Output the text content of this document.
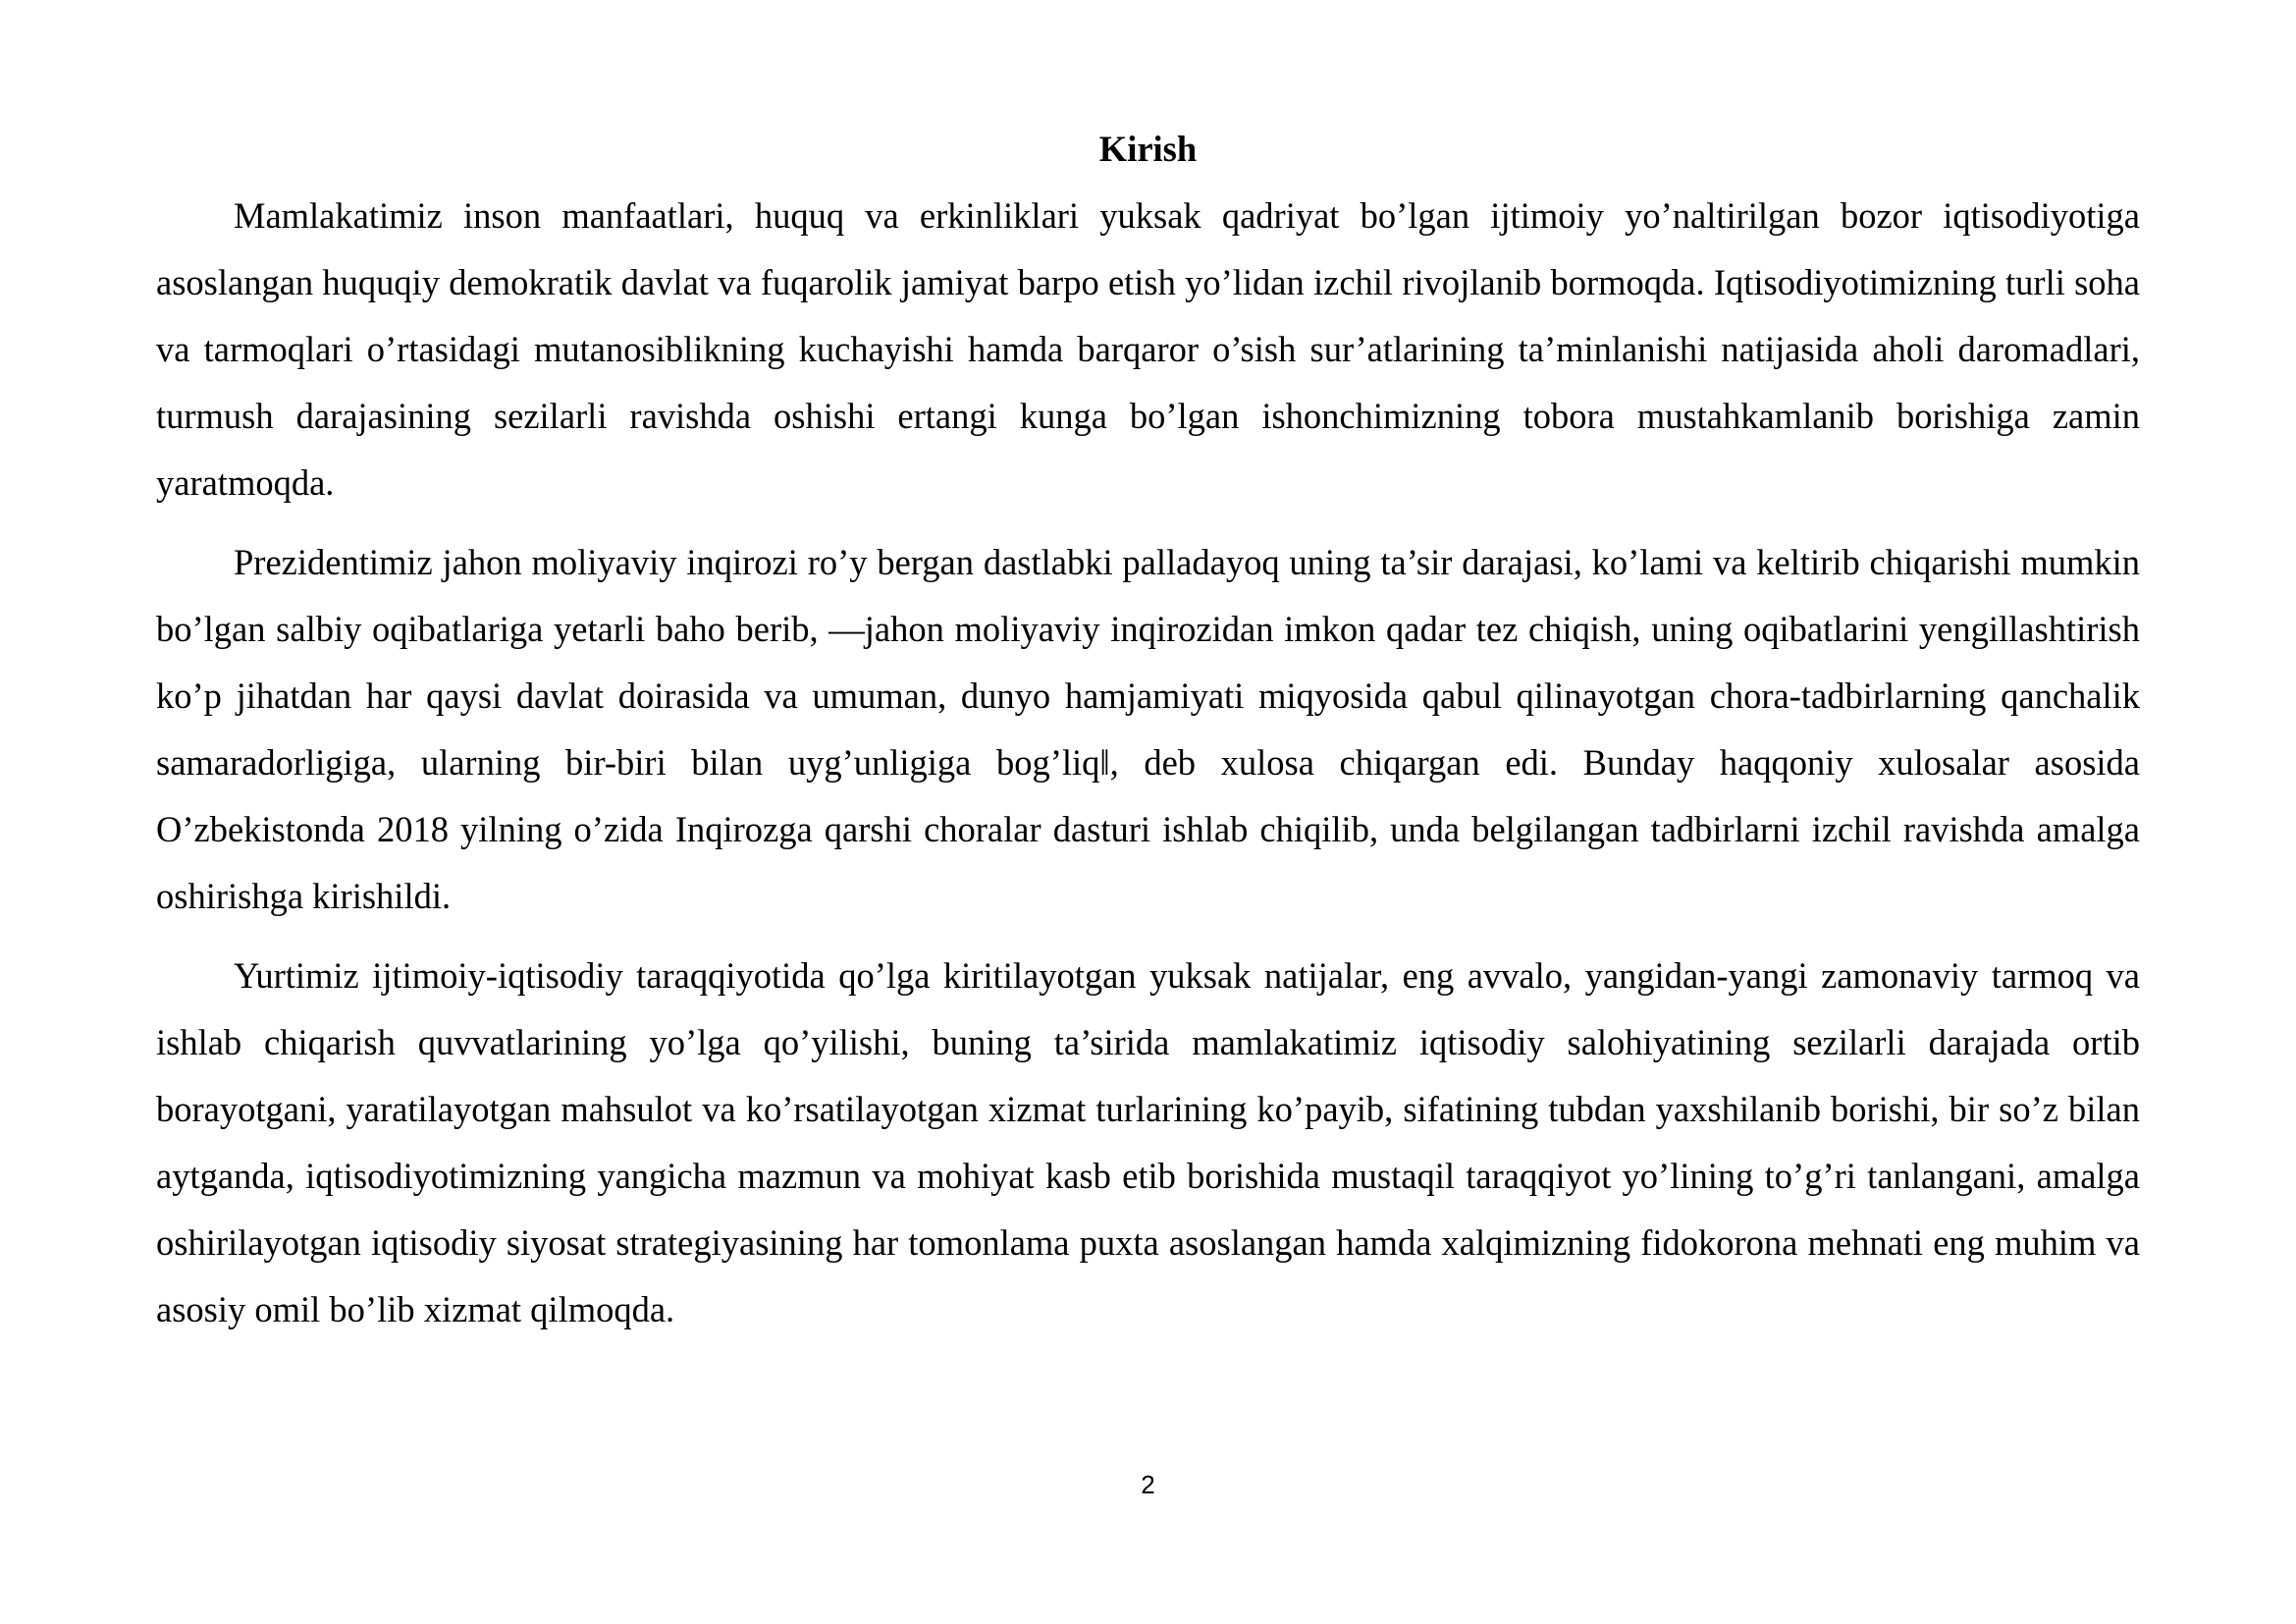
Kirish

Mamlakatimiz inson manfaatlari, huquq va erkinliklari yuksak qadriyat bo’lgan ijtimoiy yo’naltirilgan bozor iqtisodiyotiga asoslangan huquqiy demokratik davlat va fuqarolik jamiyat barpo etish yo’lidan izchil rivojlanib bormoqda. Iqtisodiyotimizning turli soha va tarmoqlari o’rtasidagi mutanosiblikning kuchayishi hamda barqaror o’sish sur’atlarining ta’minlanishi natijasida aholi daromadlari, turmush darajasining sezilarli ravishda oshishi ertangi kunga bo’lgan ishonchimizning tobora mustahkamlanib borishiga zamin yaratmoqda.

Prezidentimiz jahon moliyaviy inqirozi ro’y bergan dastlabki palladayoq uning ta’sir darajasi, ko’lami va keltirib chiqarishi mumkin bo’lgan salbiy oqibatlariga yetarli baho berib, ―jahon moliyaviy inqirozidan imkon qadar tez chiqish, uning oqibatlarini yengillashtirish ko’p jihatdan har qaysi davlat doirasida va umuman, dunyo hamjamiyati miqyosida qabul qilinayotgan chora-tadbirlarning qanchalik samaradorligiga, ularning bir-biri bilan uyg’unligiga bog’liq‖, deb xulosa chiqargan edi. Bunday haqqoniy xulosalar asosida O’zbekistonda 2018 yilning o’zida Inqirozga qarshi choralar dasturi ishlab chiqilib, unda belgilangan tadbirlarni izchil ravishda amalga oshirishga kirishildi.

Yurtimiz ijtimoiy-iqtisodiy taraqqiyotida qo’lga kiritilayotgan yuksak natijalar, eng avvalo, yangidan-yangi zamonaviy tarmoq va ishlab chiqarish quvvatlarining yo’lga qo’yilishi, buning ta’sirida mamlakatimiz iqtisodiy salohiyatining sezilarli darajada ortib borayotgani, yaratilayotgan mahsulot va ko’rsatilayotgan xizmat turlarining ko’payib, sifatining tubdan yaxshilanib borishi, bir so’z bilan aytganda, iqtisodiyotimizning yangicha mazmun va mohiyat kasb etib borishida mustaqil taraqqiyot yo’lining to’g’ri tanlangani, amalga oshirilayotgan iqtisodiy siyosat strategiyasining har tomonlama puxta asoslangan hamda xalqimizning fidokorona mehnati eng muhim va asosiy omil bo’lib xizmat qilmoqda.

2
